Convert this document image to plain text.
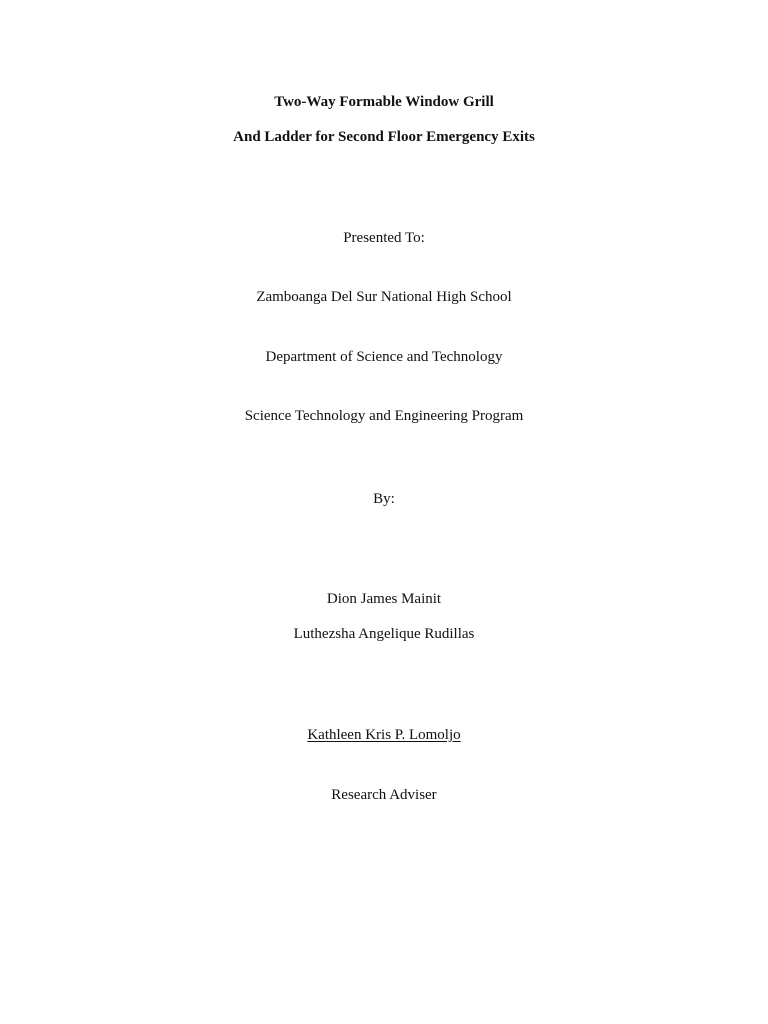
Two-Way Formable Window Grill
And Ladder for Second Floor Emergency Exits
Presented To:
Zamboanga Del Sur National High School
Department of Science and Technology
Science Technology and Engineering Program
By:
Dion James Mainit
Luthezsha Angelique Rudillas
Kathleen Kris P. Lomoljo
Research Adviser
